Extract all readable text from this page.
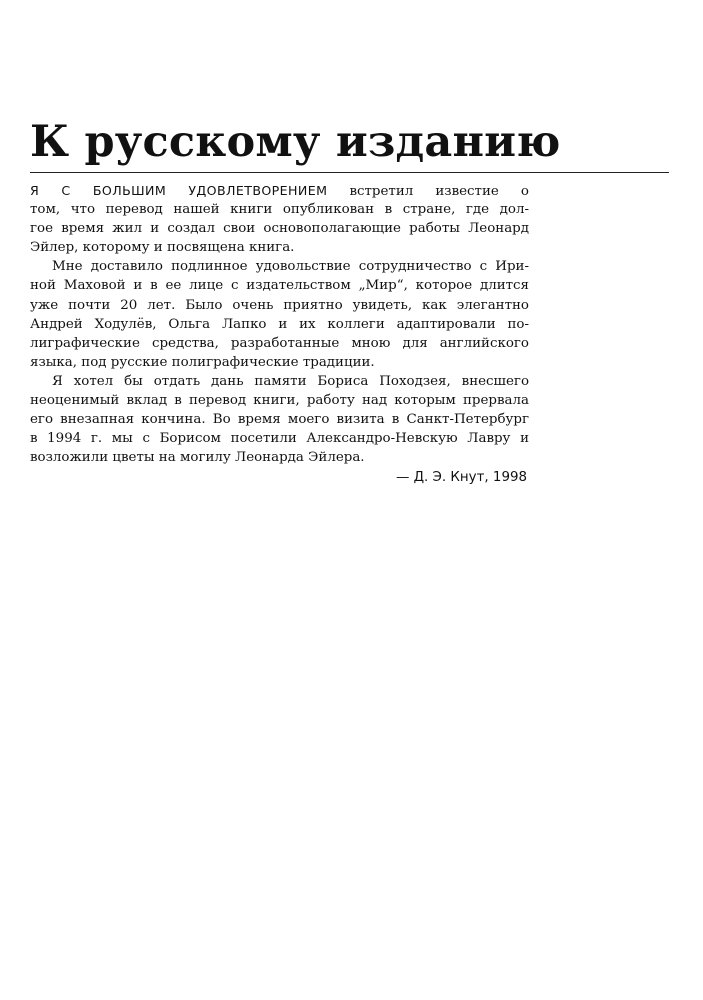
К русскому изданию
Я С БОЛЬШИМ УДОВЛЕТВОРЕНИЕМ встретил известие о
том, что перевод нашей книги опубликован в стране, где дол-
гое время жил и создал свои основополагающие работы Леонард
Эйлер, которому и посвящена книга.
Мне доставило подлинное удовольствие сотрудничество с Ири-
ной Маховой и в ее лице с издательством „Мир“, которое длится
уже почти 20 лет. Было очень приятно увидеть, как элегантно
Андрей Ходулёв, Ольга Лапко и их коллеги адаптировали по-
лиграфические средства, разработанные мною для английского
языка, под русские полиграфические традиции.
Я хотел бы отдать дань памяти Бориса Походзея, внесшего
неоценимый вклад в перевод книги, работу над которым прервала
его внезапная кончина. Во время моего визита в Санкт-Петербург
в 1994 г. мы с Борисом посетили Александро-Невскую Лавру и
возложили цветы на могилу Леонарда Эйлера.
— Д. Э. Кнут, 1998
